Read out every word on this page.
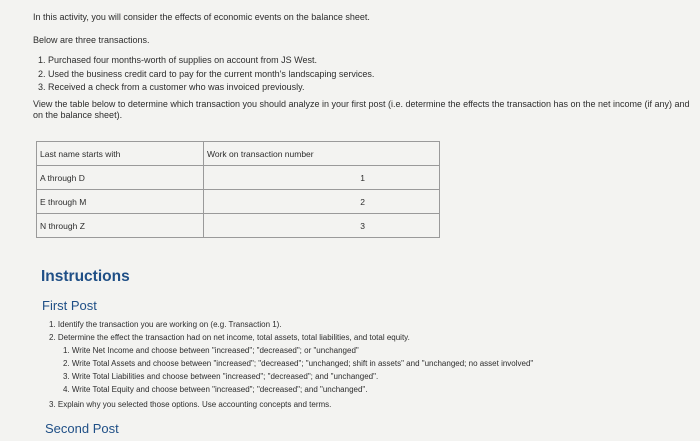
In this activity, you will consider the effects of economic events on the balance sheet.
Below are three transactions.
1. Purchased four months-worth of supplies on account from JS West.
2. Used the business credit card to pay for the current month's landscaping services.
3. Received a check from a customer who was invoiced previously.
View the table below to determine which transaction you should analyze in your first post (i.e. determine the effects the transaction has on the net income (if any) and on the balance sheet).
Last name starts with	Work on transaction number
A through D	1
E through M	2
N through Z	3
Instructions
First Post
1. Identify the transaction you are working on (e.g. Transaction 1).
2. Determine the effect the transaction had on net income, total assets, total liabilities, and total equity.
1. Write Net Income and choose between "increased"; "decreased"; or "unchanged"
2. Write Total Assets and choose between "increased"; "decreased"; "unchanged; shift in assets" and "unchanged; no asset involved"
3. Write Total Liabilities and choose between "increased"; "decreased"; and "unchanged".
4. Write Total Equity and choose between "increased"; "decreased"; and "unchanged".
3. Explain why you selected those options. Use accounting concepts and terms.
Second Post
